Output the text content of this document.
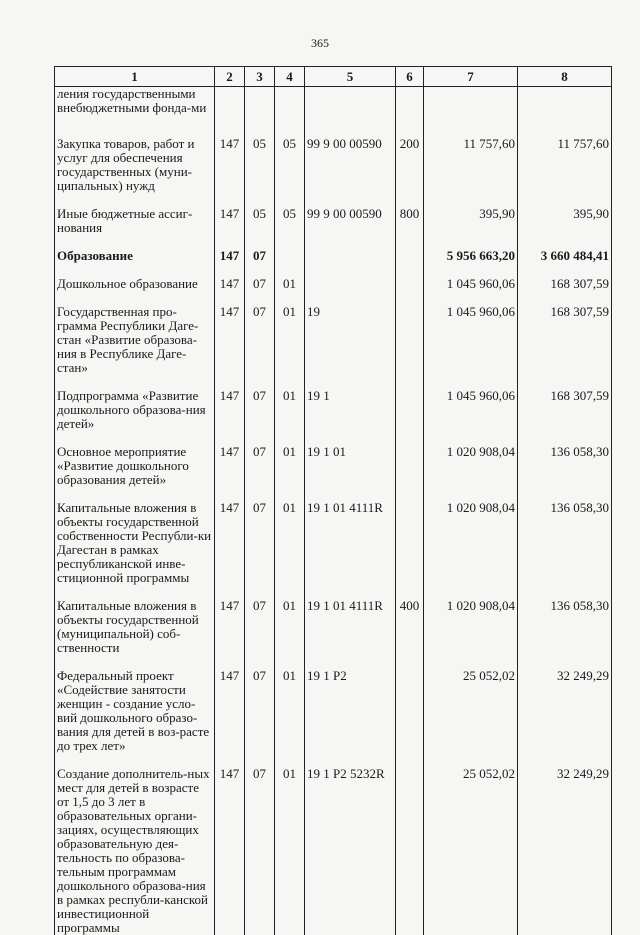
365
1	2	3	4	5	6	7	8
ления государственными внебюджетными фонда-ми							
Закупка товаров, работ и услуг для обеспечения государственных (муни-ципальных) нужд	147	05	05	99 9 00 00590	200	11 757,60	11 757,60
Иные бюджетные ассиг-нования	147	05	05	99 9 00 00590	800	395,90	395,90
Образование	147	07				5 956 663,20	3 660 484,41
Дошкольное образование	147	07	01			1 045 960,06	168 307,59
Государственная про-грамма Республики Даге-стан «Развитие образова-ния в Республике Даге-стан»	147	07	01	19		1 045 960,06	168 307,59
Подпрограмма «Развитие дошкольного образова-ния детей»	147	07	01	19 1		1 045 960,06	168 307,59
Основное мероприятие «Развитие дошкольного образования детей»	147	07	01	19 1 01		1 020 908,04	136 058,30
Капитальные вложения в объекты государственной собственности Республи-ки Дагестан в рамках республиканской инве-стиционной программы	147	07	01	19 1 01 4111R		1 020 908,04	136 058,30
Капитальные вложения в объекты государственной (муниципальной) соб-ственности	147	07	01	19 1 01 4111R	400	1 020 908,04	136 058,30
Федеральный проект «Содействие занятости женщин - создание усло-вий дошкольного образо-вания для детей в воз-расте до трех лет»	147	07	01	19 1 P2		25 052,02	32 249,29
Создание дополнитель-ных мест для детей в возрасте от 1,5 до 3 лет в образовательных органи-зациях, осуществляющих образовательную дея-тельность по образова-тельным программам дошкольного образова-ния в рамках республи-канской инвестиционной программы	147	07	01	19 1 P2 5232R		25 052,02	32 249,29
